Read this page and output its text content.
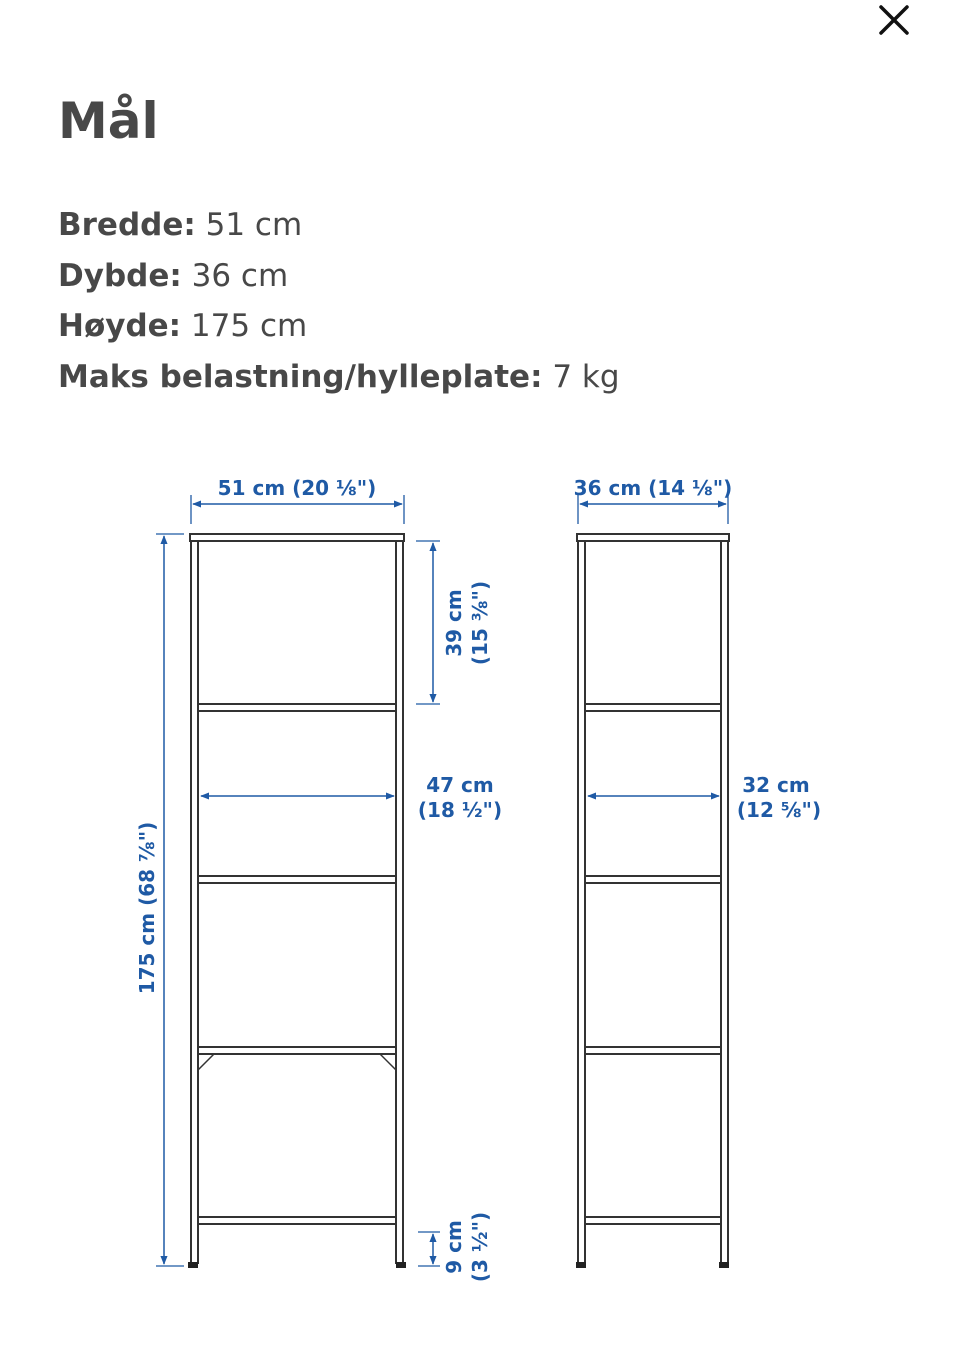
Mål
Bredde: 51 cm
Dybde: 36 cm
Høyde: 175 cm
Maks belastning/hylleplate: 7 kg
51 cm (20 ⅛")
175 cm (68 ⅞")
39 cm (15 ⅜")
47 cm
(18 ½")
9 cm (3 ½")
36 cm (14 ⅛")
32 cm
(12 ⅝")
